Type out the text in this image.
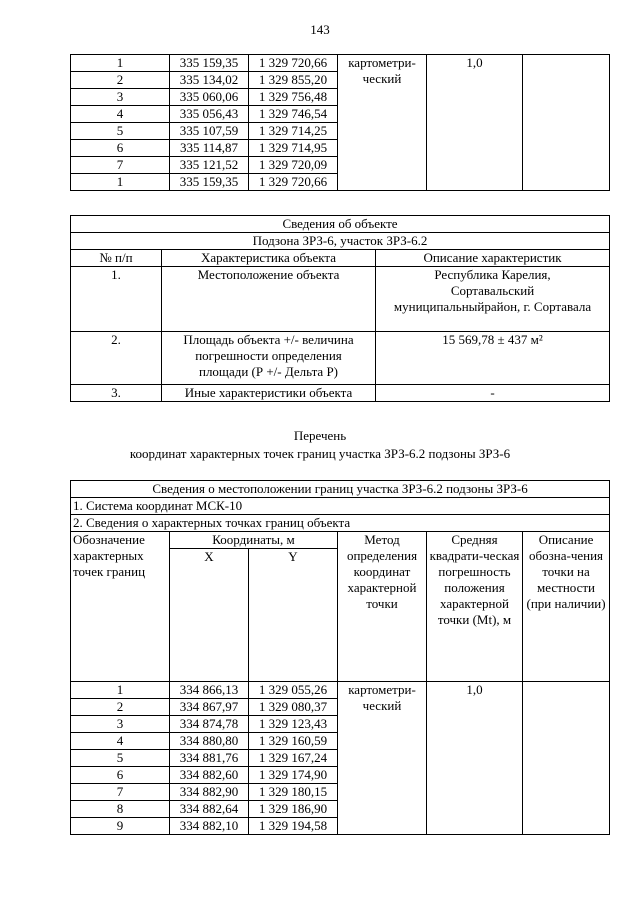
143
1	335 159,35	1 329 720,66	картометри-ческий	1,0	
2	335 134,02	1 329 855,20			
3	335 060,06	1 329 756,48			
4	335 056,43	1 329 746,54			
5	335 107,59	1 329 714,25			
6	335 114,87	1 329 714,95			
7	335 121,52	1 329 720,09			
1	335 159,35	1 329 720,66			
Сведения об объекте		
Подзона ЗРЗ-6, участок ЗРЗ-6.2		
№ п/п	Характеристика объекта	Описание характеристик
1.	Местоположение объекта	Республика Карелия, Сортавальский муниципальныйрайон, г. Сортавала
2.	Площадь объекта +/- величина погрешности определения площади (Р +/- Дельта Р)	15 569,78 ± 437 м²
3.	Иные характеристики объекта	-
Перечень
координат характерных точек границ участка ЗРЗ-6.2 подзоны ЗРЗ-6
Сведения о местоположении границ участка ЗРЗ-6.2 подзоны ЗРЗ-6					
1. Система координат МСК-10					
2. Сведения о характерных точках границ объекта					
Обозначение характерных точек границ	Координаты, м		Метод определения координат характерной точки	Средняя квадрати-ческая погрешность положения характерной точки (Mt), м	Описание обозна-чения точки на местности (при наличии)
	X	Y			
1	334 866,13	1 329 055,26	картометри-ческий	1,0	
2	334 867,97	1 329 080,37			
3	334 874,78	1 329 123,43			
4	334 880,80	1 329 160,59			
5	334 881,76	1 329 167,24			
6	334 882,60	1 329 174,90			
7	334 882,90	1 329 180,15			
8	334 882,64	1 329 186,90			
9	334 882,10	1 329 194,58			
